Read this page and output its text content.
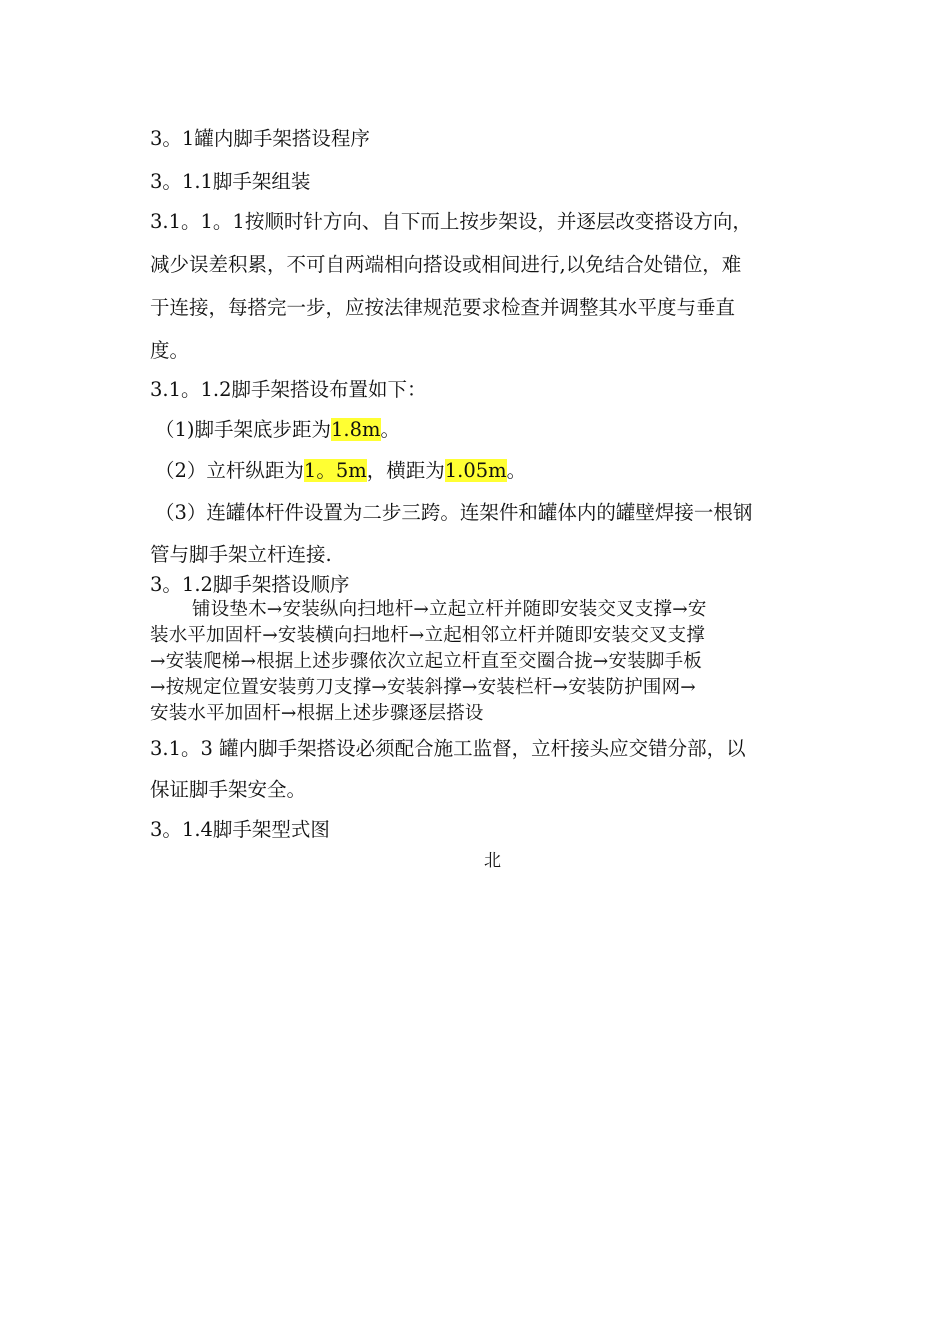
3。1罐内脚手架搭设程序
3。1.1脚手架组装
3.1。1。1按顺时针方向、自下而上按步架设，并逐层改变搭设方向，
减少误差积累，不可自两端相向搭设或相间进行,以免结合处错位，难
于连接，每搭完一步，应按法律规范要求检查并调整其水平度与垂直
度。
3.1。1.2脚手架搭设布置如下：
（1)脚手架底步距为1.8m。
（2）立杆纵距为1。5m，横距为1.05m。
（3）连罐体杆件设置为二步三跨。连架件和罐体内的罐壁焊接一根钢
管与脚手架立杆连接.
3。1.2脚手架搭设顺序
铺设垫木→安装纵向扫地杆→立起立杆并随即安装交叉支撑→安
装水平加固杆→安装横向扫地杆→立起相邻立杆并随即安装交叉支撑
→安装爬梯→根据上述步骤依次立起立杆直至交圈合拢→安装脚手板
→按规定位置安装剪刀支撑→安装斜撑→安装栏杆→安装防护围网→
安装水平加固杆→根据上述步骤逐层搭设
3.1。3 罐内脚手架搭设必须配合施工监督，立杆接头应交错分部，以
保证脚手架安全。
3。1.4脚手架型式图
北
